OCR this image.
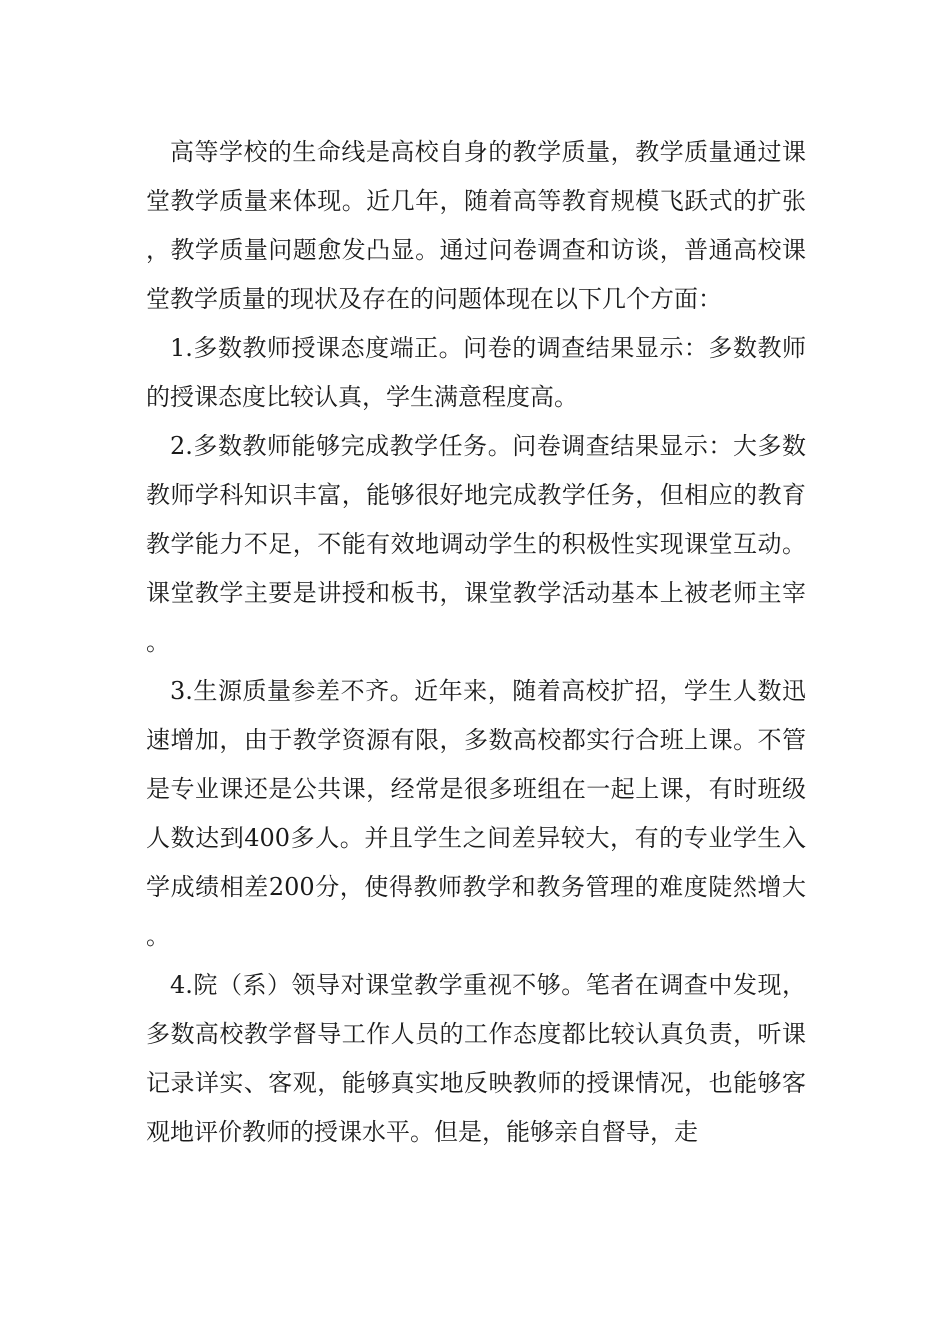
高等学校的生命线是高校自身的教学质量，教学质量通过课堂教学质量来体现。近几年，随着高等教育规模飞跃式的扩张，教学质量问题愈发凸显。通过问卷调查和访谈，普通高校课堂教学质量的现状及存在的问题体现在以下几个方面：

1.多数教师授课态度端正。问卷的调查结果显示：多数教师的授课态度比较认真，学生满意程度高。

2.多数教师能够完成教学任务。问卷调查结果显示：大多数教师学科知识丰富，能够很好地完成教学任务，但相应的教育教学能力不足，不能有效地调动学生的积极性实现课堂互动。课堂教学主要是讲授和板书，课堂教学活动基本上被老师主宰。

3.生源质量参差不齐。近年来，随着高校扩招，学生人数迅速增加，由于教学资源有限，多数高校都实行合班上课。不管是专业课还是公共课，经常是很多班组在一起上课，有时班级人数达到400多人。并且学生之间差异较大，有的专业学生入学成绩相差200分，使得教师教学和教务管理的难度陡然增大。

4.院（系）领导对课堂教学重视不够。笔者在调查中发现，多数高校教学督导工作人员的工作态度都比较认真负责，听课记录详实、客观，能够真实地反映教师的授课情况，也能够客观地评价教师的授课水平。但是，能够亲自督导，走
